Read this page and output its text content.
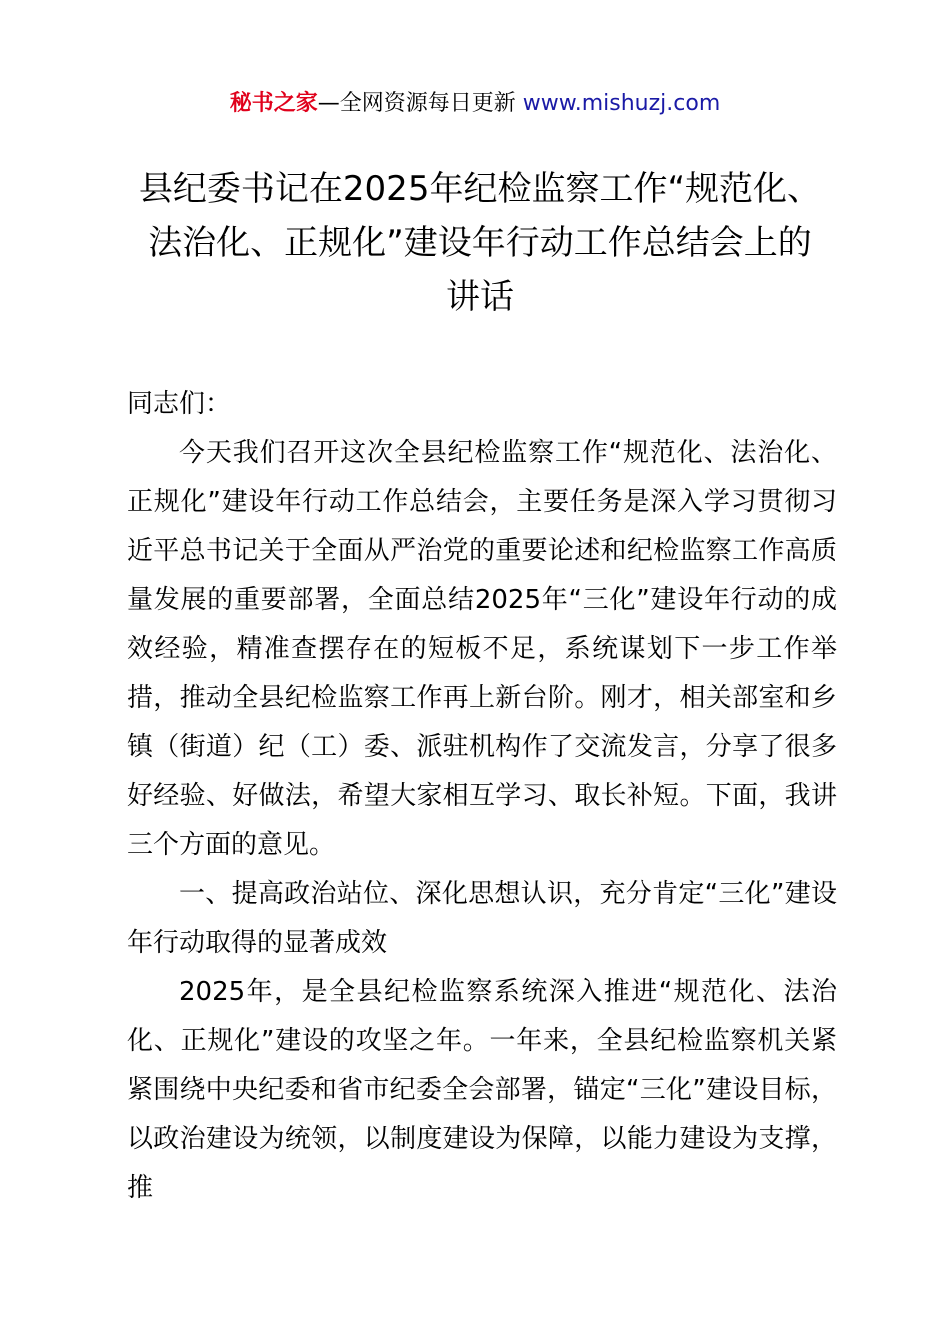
秘书之家—全网资源每日更新 www.mishuzj.com
县纪委书记在2025年纪检监察工作“规范化、
法治化、正规化”建设年行动工作总结会上的
讲话

同志们：

今天我们召开这次全县纪检监察工作“规范化、法治化、正规化”建设年行动工作总结会，主要任务是深入学习贯彻习近平总书记关于全面从严治党的重要论述和纪检监察工作高质量发展的重要部署，全面总结2025年“三化”建设年行动的成效经验，精准查摆存在的短板不足，系统谋划下一步工作举措，推动全县纪检监察工作再上新台阶。刚才，相关部室和乡镇（街道）纪（工）委、派驻机构作了交流发言，分享了很多好经验、好做法，希望大家相互学习、取长补短。下面，我讲三个方面的意见。

一、提高政治站位、深化思想认识，充分肯定“三化”建设年行动取得的显著成效

2025年，是全县纪检监察系统深入推进“规范化、法治化、正规化”建设的攻坚之年。一年来，全县纪检监察机关紧紧围绕中央纪委和省市纪委全会部署，锚定“三化”建设目标，以政治建设为统领，以制度建设为保障，以能力建设为支撑，推
